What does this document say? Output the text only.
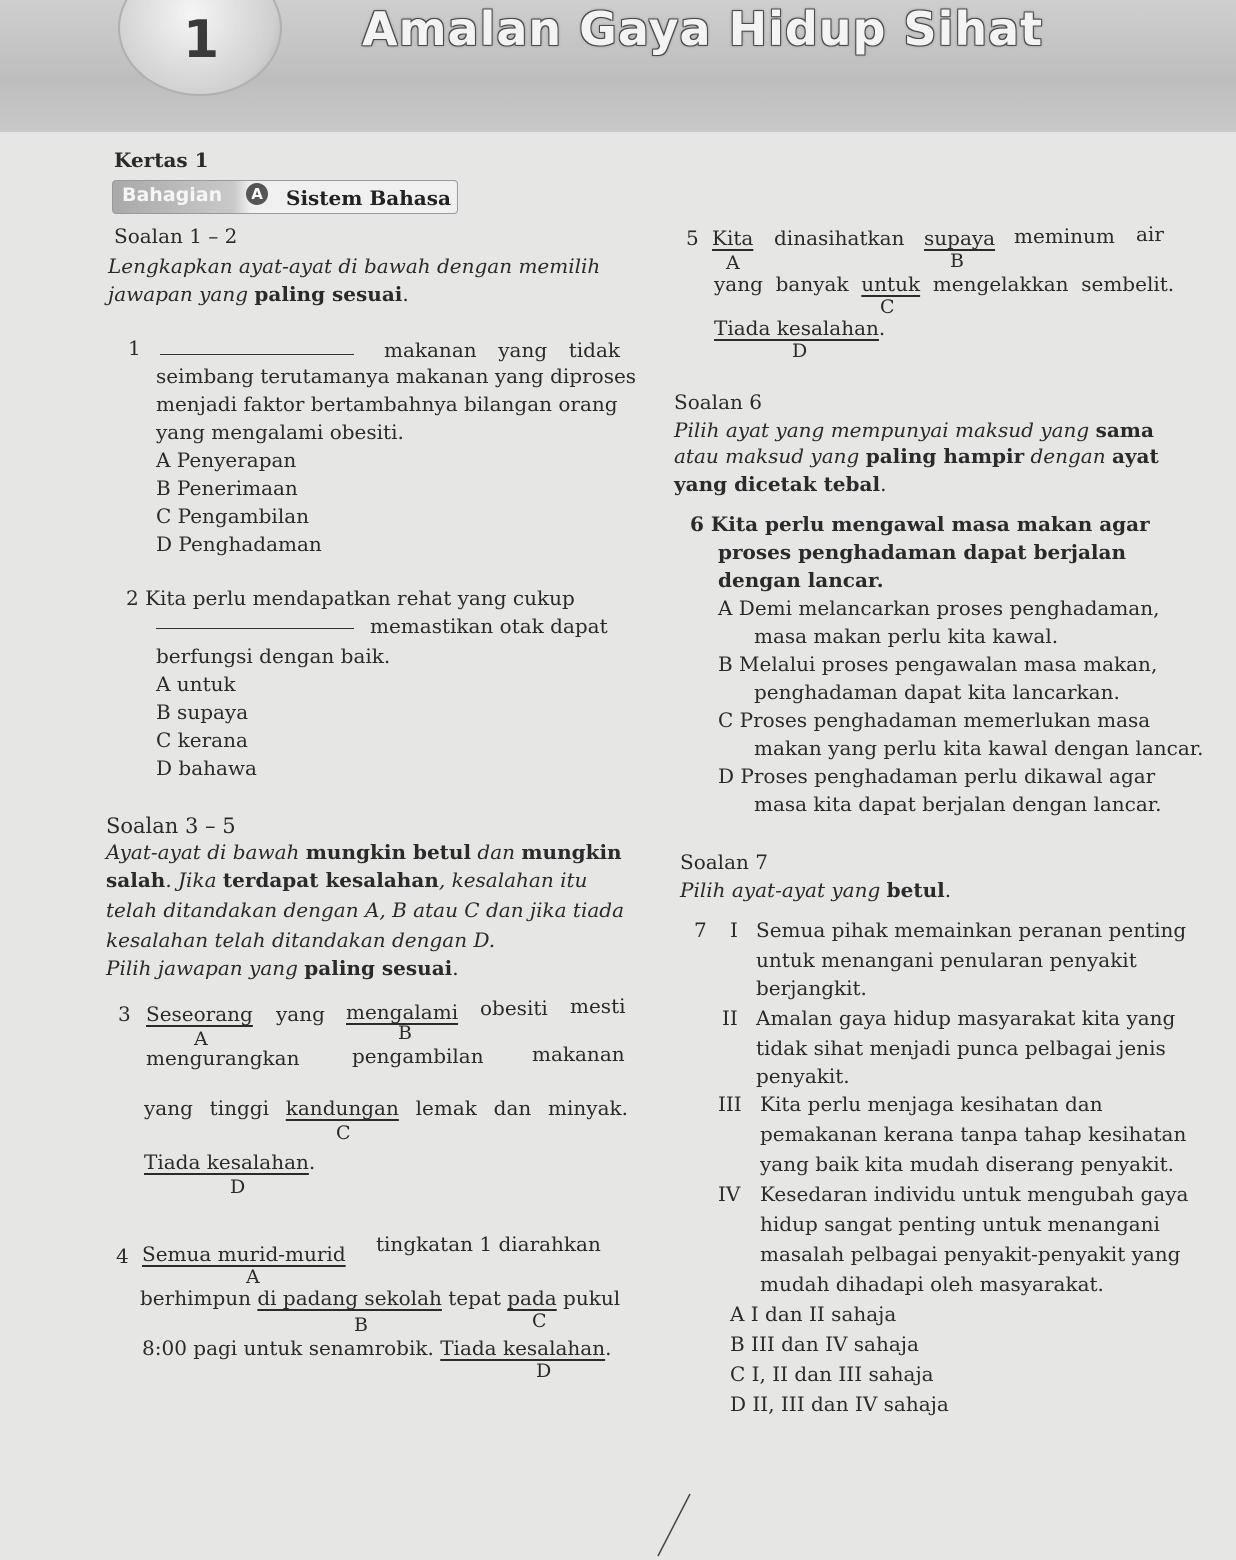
1	Amalan Gaya Hidup Sihat
Kertas 1
Bahagian	A Sistem Bahasa
Soalan 1 – 2
Lengkapkan ayat-ayat di bawah dengan memilih
jawapan yang paling sesuai.
1	makanan yang tidak
seimbang terutamanya makanan yang diproses
menjadi faktor bertambahnya bilangan orang
yang mengalami obesiti.
A Penyerapan
B Penerimaan
C Pengambilan
D Penghadaman
2 Kita perlu mendapatkan rehat yang cukup
memastikan otak dapat
berfungsi dengan baik.
A untuk
B supaya
C kerana
D bahawa
Soalan 3 – 5
Ayat-ayat di bawah mungkin betul dan mungkin
salah. Jika terdapat kesalahan, kesalahan itu
telah ditandakan dengan A, B atau C dan jika tiada
kesalahan telah ditandakan dengan D.
Pilih jawapan yang paling sesuai.
3 Seseorang yang mengalami obesiti mesti
A	B
mengurangkan	pengambilan makanan
yang tinggi kandungan lemak dan minyak.
C
Tiada kesalahan.
D
4 Semua murid-murid tingkatan 1 diarahkan
A
berhimpun di padang sekolah tepat pada pukul
B	C
8:00 pagi untuk senamrobik. Tiada kesalahan.
D
5 Kita dinasihatkan supaya meminum air
A	B
yang banyak untuk mengelakkan sembelit.
C
Tiada kesalahan.
D
Soalan 6
Pilih ayat yang mempunyai maksud yang sama
atau maksud yang paling hampir dengan ayat
yang dicetak tebal.
6 Kita perlu mengawal masa makan agar
proses penghadaman dapat berjalan
dengan lancar.
A Demi melancarkan proses penghadaman,
masa makan perlu kita kawal.
B Melalui proses pengawalan masa makan,
penghadaman dapat kita lancarkan.
C Proses penghadaman memerlukan masa
makan yang perlu kita kawal dengan lancar.
D Proses penghadaman perlu dikawal agar
masa kita dapat berjalan dengan lancar.
Soalan 7
Pilih ayat-ayat yang betul.
7 I Semua pihak memainkan peranan penting
untuk menangani penularan penyakit
berjangkit.
II Amalan gaya hidup masyarakat kita yang
tidak sihat menjadi punca pelbagai jenis
penyakit.
III Kita perlu menjaga kesihatan dan
pemakanan kerana tanpa tahap kesihatan
yang baik kita mudah diserang penyakit.
IV Kesedaran individu untuk mengubah gaya
hidup sangat penting untuk menangani
masalah pelbagai penyakit-penyakit yang
mudah dihadapi oleh masyarakat.
A I dan II sahaja
B III dan IV sahaja
C I, II dan III sahaja
D II, III dan IV sahaja
